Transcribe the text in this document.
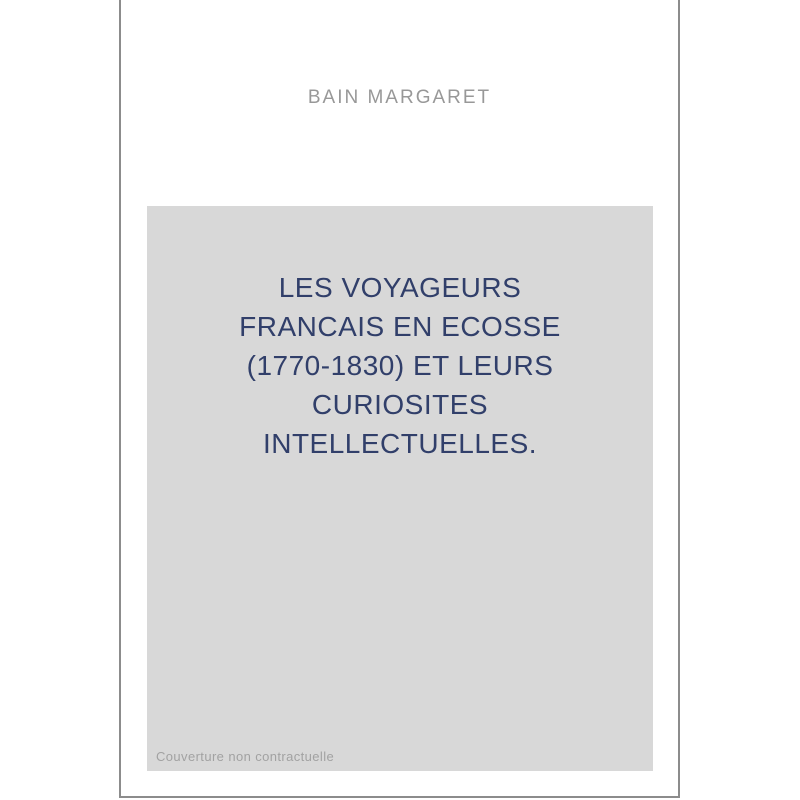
BAIN MARGARET
LES VOYAGEURS
FRANCAIS EN ECOSSE
(1770-1830) ET LEURS
CURIOSITES
INTELLECTUELLES.
Couverture non contractuelle
